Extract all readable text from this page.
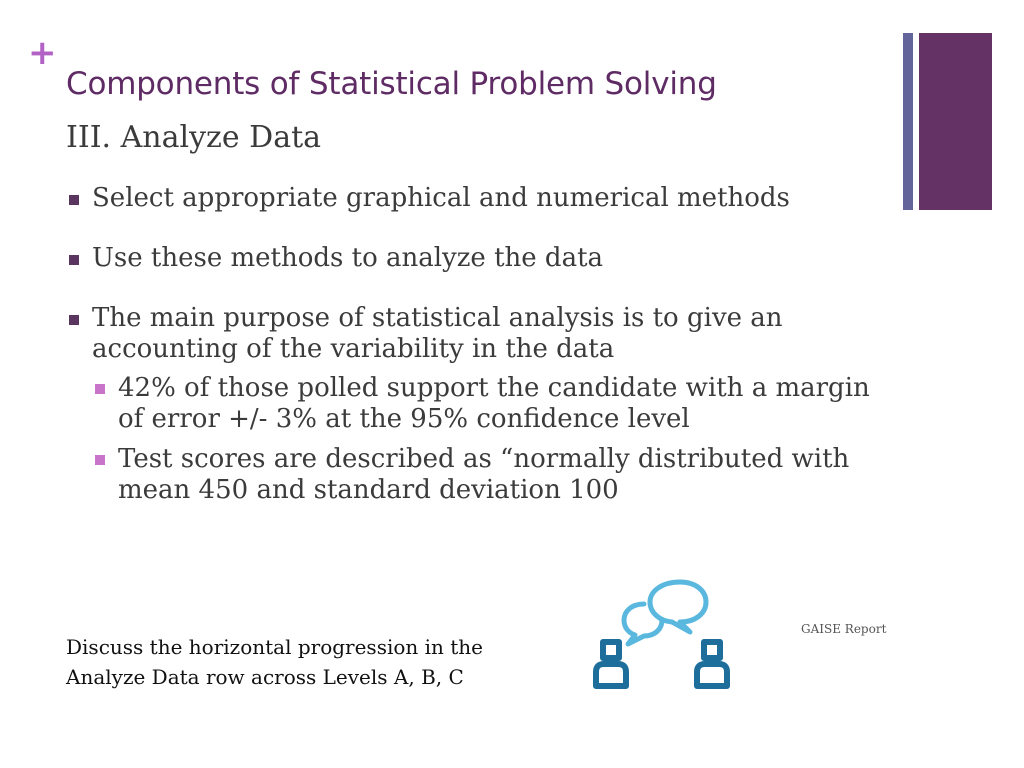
+
Components of Statistical Problem Solving
III. Analyze Data
Select appropriate graphical and numerical methods
Use these methods to analyze the data
The main purpose of statistical analysis is to give an accounting of the variability in the data
42% of those polled support the candidate with a margin of error +/- 3% at the 95% confidence level
Test scores are described as “normally distributed with mean 450 and standard deviation 100
Discuss the horizontal progression in the Analyze Data row across Levels A, B, C
GAISE Report
